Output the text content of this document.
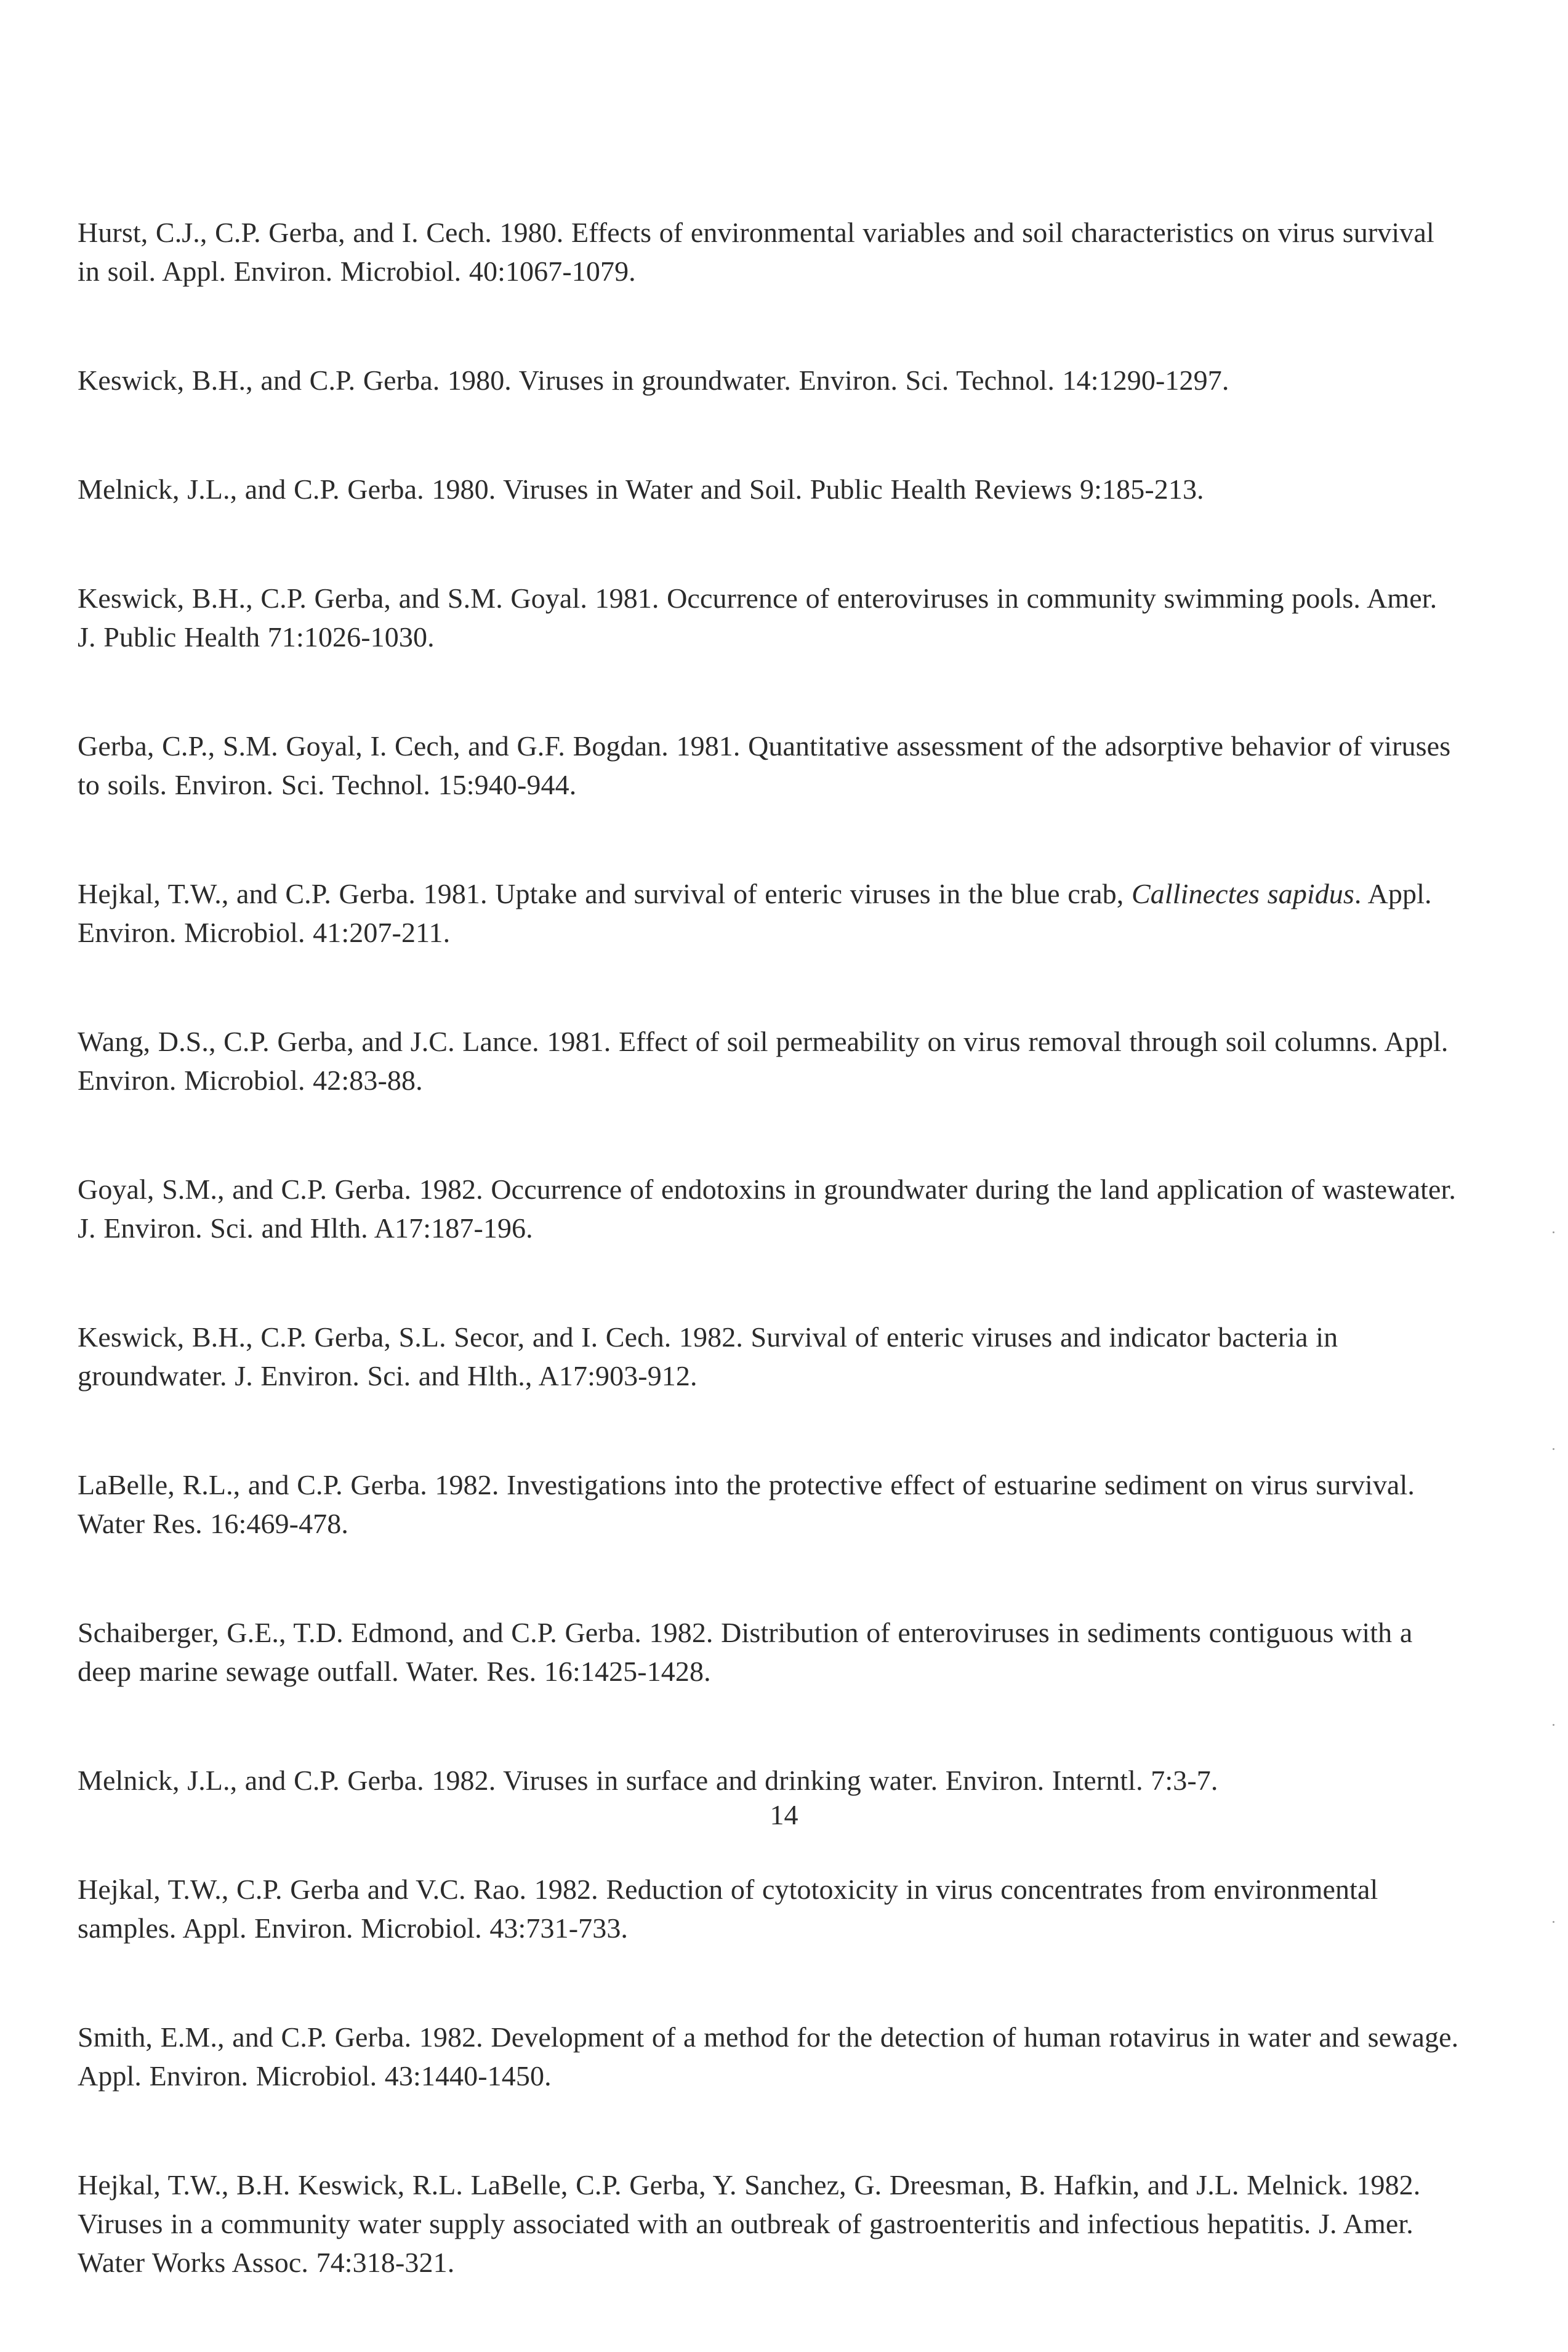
Hurst, C.J., C.P. Gerba, and I. Cech. 1980. Effects of environmental variables and soil characteristics on virus survival in soil. Appl. Environ. Microbiol. 40:1067-1079.

Keswick, B.H., and C.P. Gerba. 1980. Viruses in groundwater. Environ. Sci. Technol. 14:1290-1297.

Melnick, J.L., and C.P. Gerba. 1980. Viruses in Water and Soil. Public Health Reviews 9:185-213.

Keswick, B.H., C.P. Gerba, and S.M. Goyal. 1981. Occurrence of enteroviruses in community swimming pools. Amer. J. Public Health 71:1026-1030.

Gerba, C.P., S.M. Goyal, I. Cech, and G.F. Bogdan. 1981. Quantitative assessment of the adsorptive behavior of viruses to soils. Environ. Sci. Technol. 15:940-944.

Hejkal, T.W., and C.P. Gerba. 1981. Uptake and survival of enteric viruses in the blue crab, Callinectes sapidus. Appl. Environ. Microbiol. 41:207-211.

Wang, D.S., C.P. Gerba, and J.C. Lance. 1981. Effect of soil permeability on virus removal through soil columns. Appl. Environ. Microbiol. 42:83-88.

Goyal, S.M., and C.P. Gerba. 1982. Occurrence of endotoxins in groundwater during the land application of wastewater. J. Environ. Sci. and Hlth. A17:187-196.

Keswick, B.H., C.P. Gerba, S.L. Secor, and I. Cech. 1982. Survival of enteric viruses and indicator bacteria in groundwater. J. Environ. Sci. and Hlth., A17:903-912.

LaBelle, R.L., and C.P. Gerba. 1982. Investigations into the protective effect of estuarine sediment on virus survival. Water Res. 16:469-478.

Schaiberger, G.E., T.D. Edmond, and C.P. Gerba. 1982. Distribution of enteroviruses in sediments contiguous with a deep marine sewage outfall. Water. Res. 16:1425-1428.

Melnick, J.L., and C.P. Gerba. 1982. Viruses in surface and drinking water. Environ. Interntl. 7:3-7.

Hejkal, T.W., C.P. Gerba and V.C. Rao. 1982. Reduction of cytotoxicity in virus concentrates from environmental samples. Appl. Environ. Microbiol. 43:731-733.

Smith, E.M., and C.P. Gerba. 1982. Development of a method for the detection of human rotavirus in water and sewage. Appl. Environ. Microbiol. 43:1440-1450.

Hejkal, T.W., B.H. Keswick, R.L. LaBelle, C.P. Gerba, Y. Sanchez, G. Dreesman, B. Hafkin, and J.L. Melnick. 1982. Viruses in a community water supply associated with an outbreak of gastroenteritis and infectious hepatitis. J. Amer. Water Works Assoc. 74:318-321.

14
